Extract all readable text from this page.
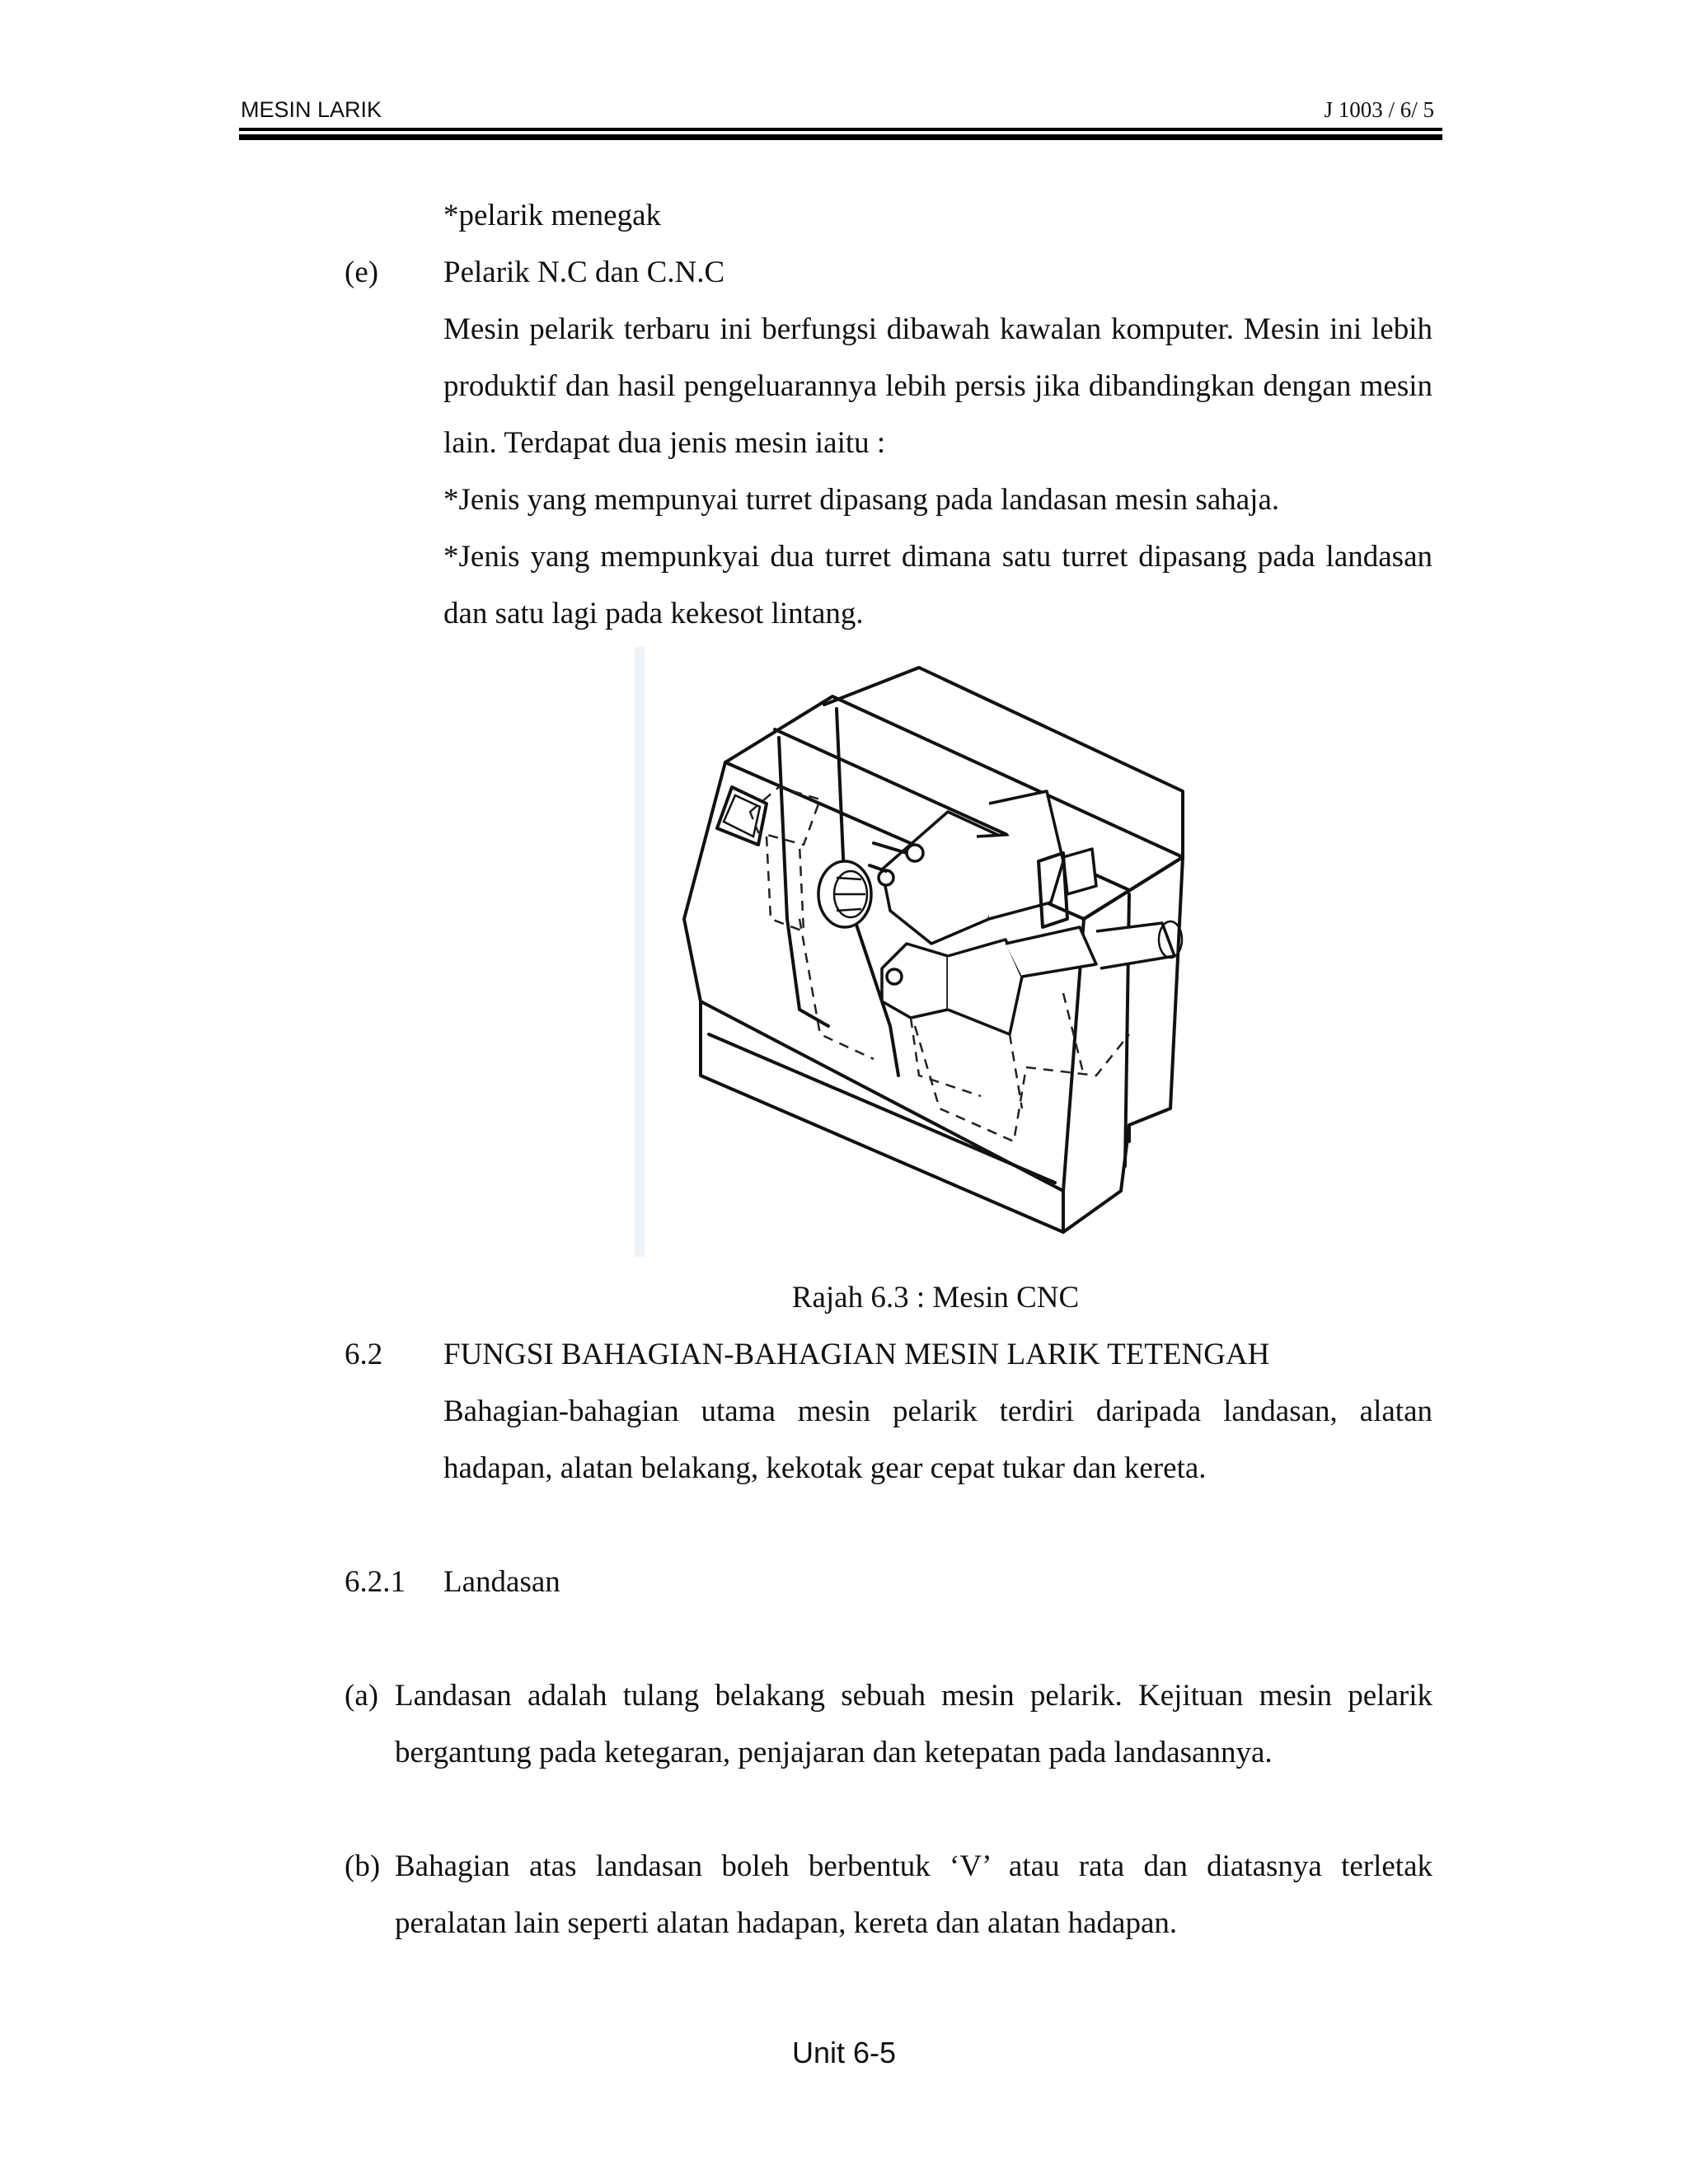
MESIN LARIK	J 1003 / 6/ 5
*pelarik menegak
(e) Pelarik N.C dan C.N.C
Mesin pelarik terbaru ini berfungsi dibawah kawalan komputer. Mesin ini lebih produktif dan hasil pengeluarannya lebih persis jika dibandingkan dengan mesin lain. Terdapat dua jenis mesin iaitu :
*Jenis yang mempunyai turret dipasang pada landasan mesin sahaja.
*Jenis yang mempunkyai dua turret dimana satu turret dipasang pada landasan dan satu lagi pada kekesot lintang.
Rajah 6.3 : Mesin CNC
6.2 FUNGSI BAHAGIAN-BAHAGIAN MESIN LARIK TETENGAH
Bahagian-bahagian utama mesin pelarik terdiri daripada landasan, alatan hadapan, alatan belakang, kekotak gear cepat tukar dan kereta.
6.2.1 Landasan
(a) Landasan adalah tulang belakang sebuah mesin pelarik. Kejituan mesin pelarik bergantung pada ketegaran, penjajaran dan ketepatan pada landasannya.
(b) Bahagian atas landasan boleh berbentuk ‘V’ atau rata dan diatasnya terletak peralatan lain seperti alatan hadapan, kereta dan alatan hadapan.
Unit 6-5
